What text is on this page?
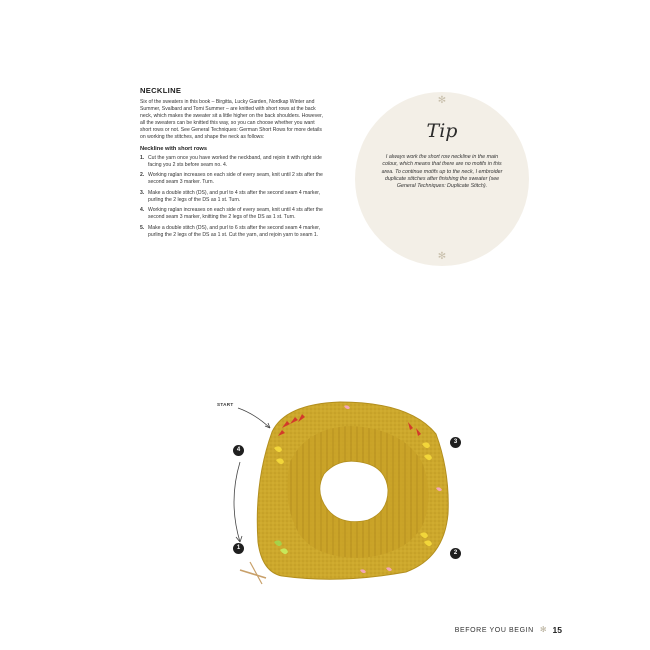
NECKLINE

Six of the sweaters in this book – Birgitta, Lucky Garden, Nordkap Winter and Summer, Svalbard and Tomi Summer – are knitted with short rows at the back neck, which makes the sweater sit a little higher on the back shoulders. However, all the sweaters can be knitted this way, so you can choose whether you want short rows or not. See General Techniques: German Short Rows for more details on working the stitches, and shape the neck as follows:

Neckline with short rows
1. Cut the yarn once you have worked the neckband, and rejoin it with right side facing you 2 sts before seam no. 4.
2. Working raglan increases on each side of every seam, knit until 2 sts after the second seam 3 marker. Turn.
3. Make a double stitch (DS), and purl to 4 sts after the second seam 4 marker, purling the 2 legs of the DS as 1 st. Turn.
4. Working raglan increases on each side of every seam, knit until 4 sts after the second seam 3 marker, knitting the 2 legs of the DS as 1 st. Turn.
5. Make a double stitch (DS), and purl to 6 sts after the second seam 4 marker, purling the 2 legs of the DS as 1 st. Cut the yarn, and rejoin yarn to seam 1.
✻
Tip
I always work the short row neckline in the main colour, which means that there are no motifs in this area. To continue motifs up to the neck, I embroider duplicate stitches after finishing the sweater (see General Techniques: Duplicate Stitch).
✻
START
1
2
3
4
BEFORE YOU BEGIN ✻ 15
